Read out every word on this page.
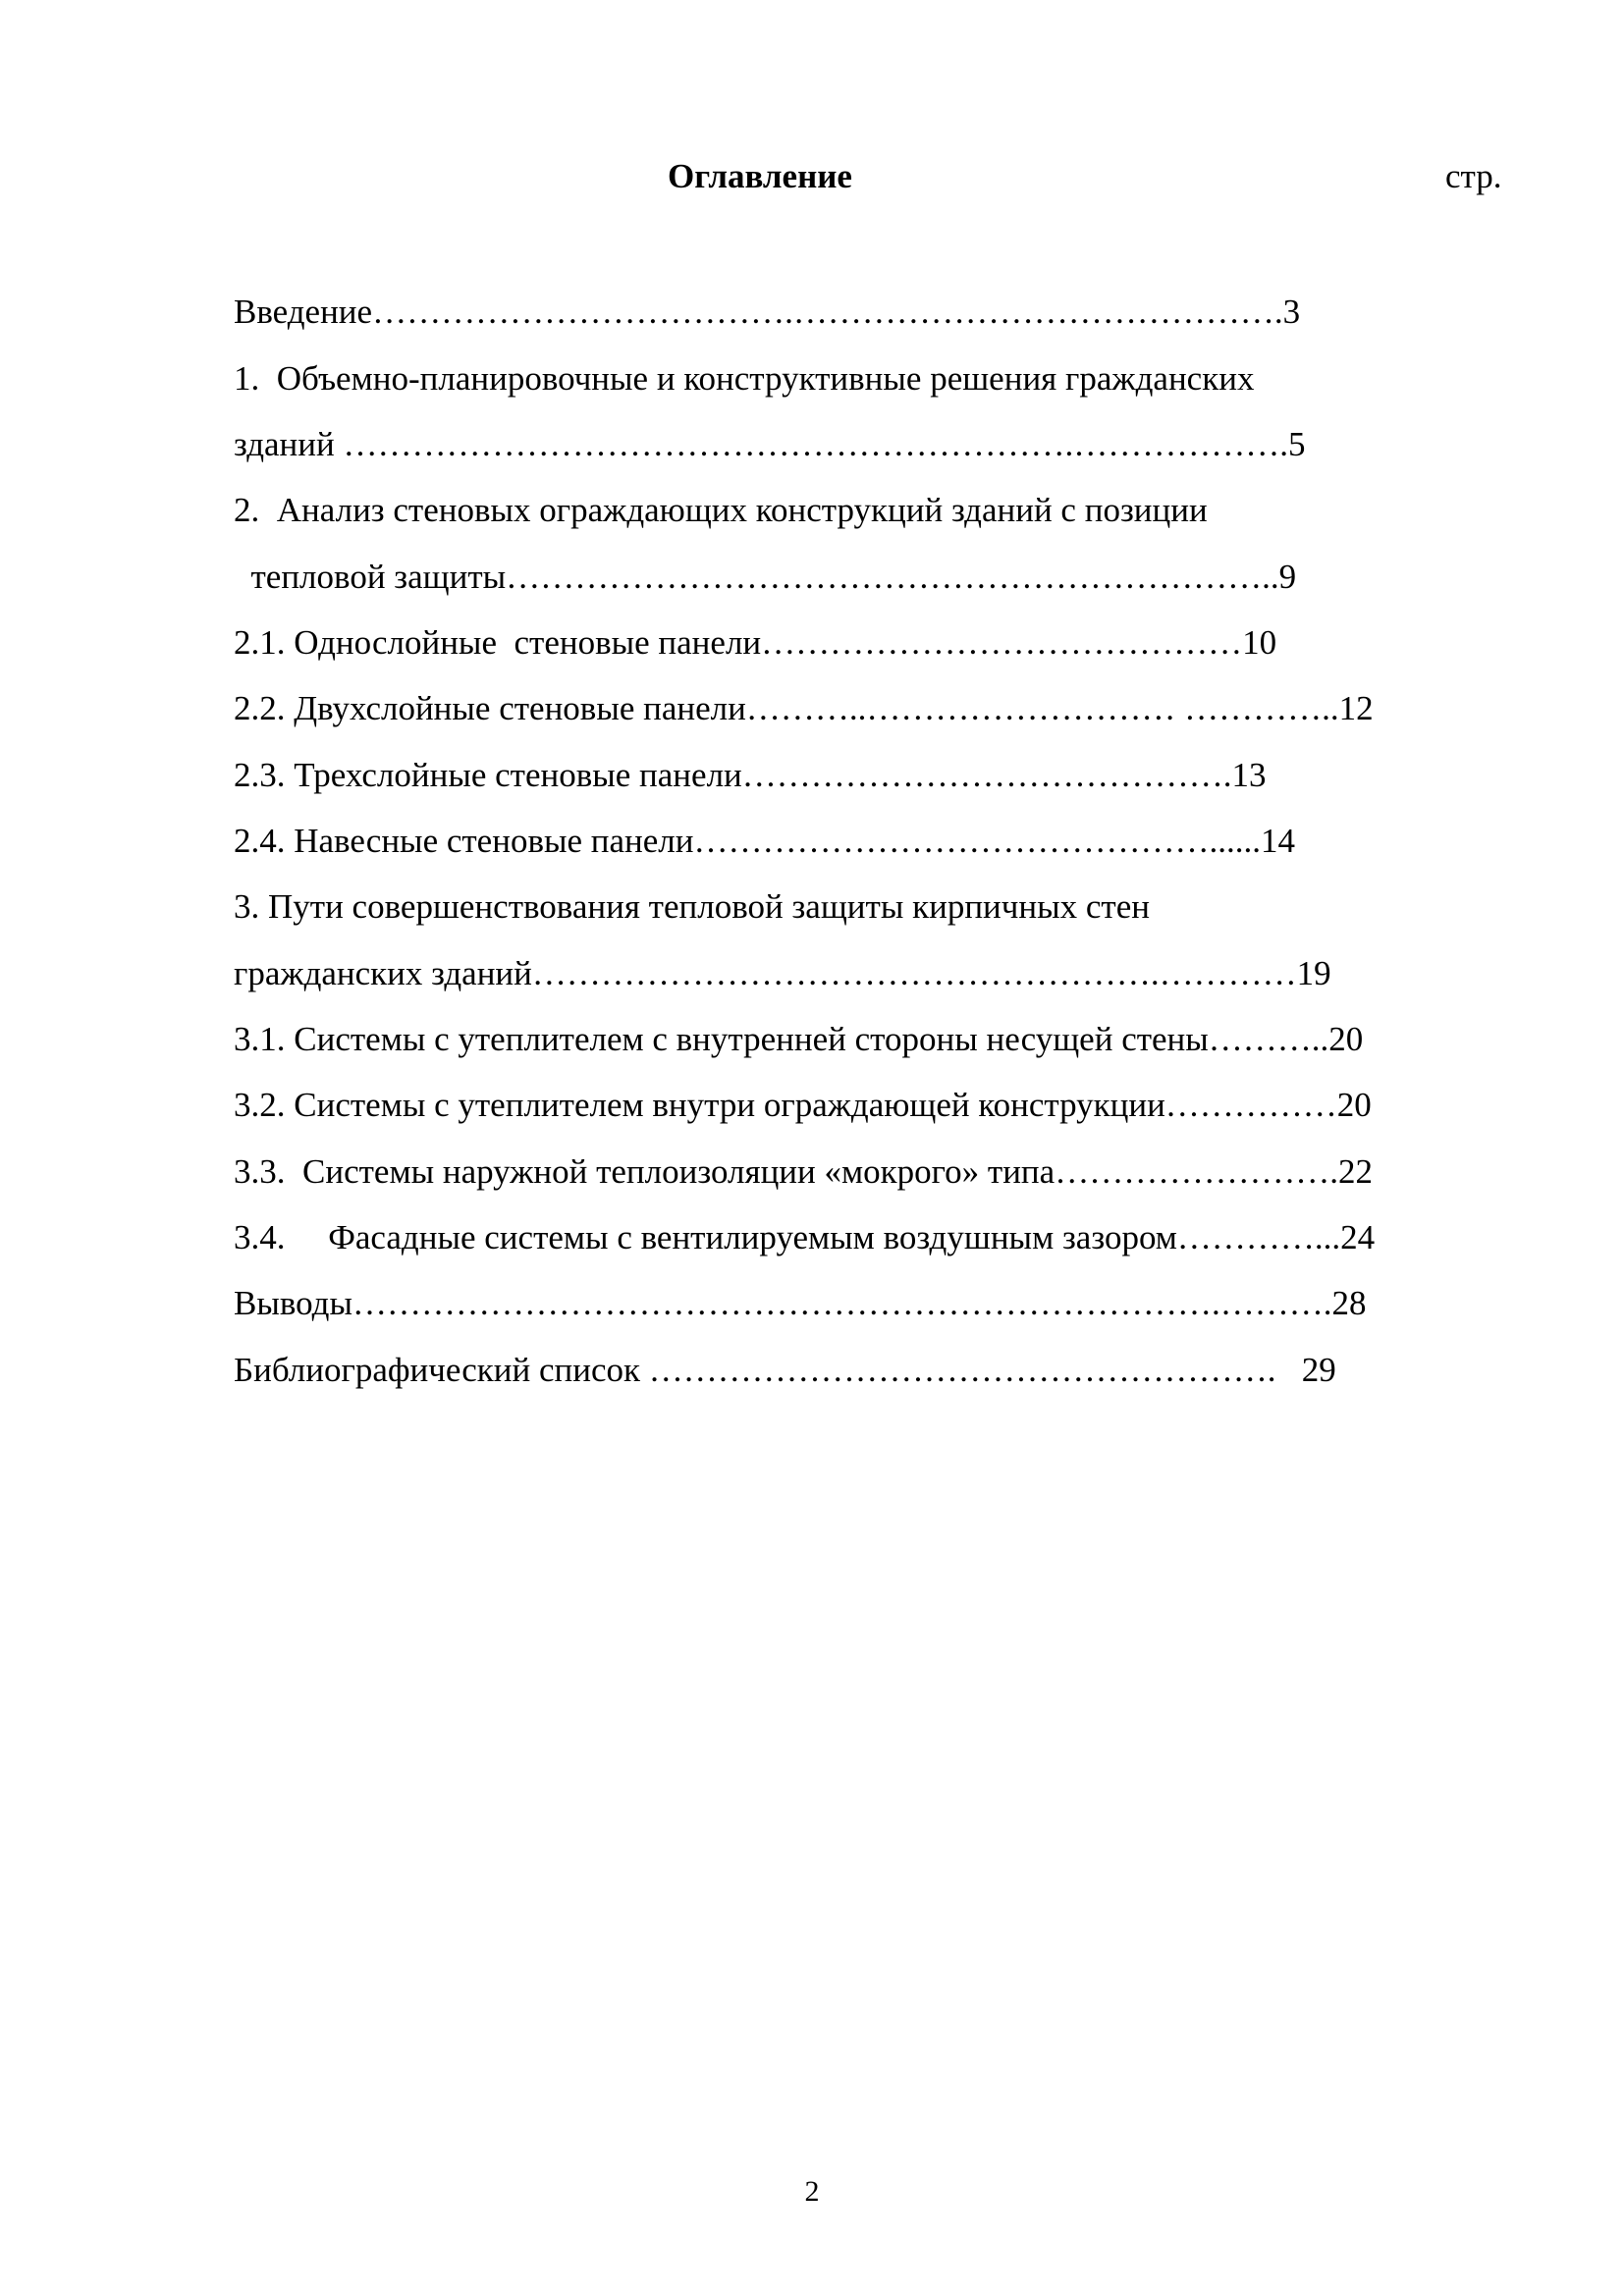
Оглавление	стр.
Введение……………………………….…………………………………….3
1.  Объемно-планировочные и конструктивные решения гражданских
зданий ……………………………………………………….……………….5
2.  Анализ стеновых ограждающих конструкций зданий с позиции
тепловой защиты…………………………………………………………..9
2.1. Однослойные  стеновые панели……………………………………10
2.2. Двухслойные стеновые панели………..……………………… …………..12
2.3. Трехслойные стеновые панели…………………………………….13
2.4. Навесные стеновые панели………………………………………......14
3. Пути совершенствования тепловой защиты кирпичных стен
гражданских зданий……………………………………………….…………19
3.1. Системы с утеплителем с внутренней стороны несущей стены………..20
3.2. Системы с утеплителем внутри ограждающей конструкции……………20
3.3.  Системы наружной теплоизоляции «мокрого» типа…………………….22
3.4.     Фасадные системы с вентилируемым воздушным зазором…………...24
Выводы………………………………………………………………….……….28
Библиографический список ……………………………………………….   29
2
